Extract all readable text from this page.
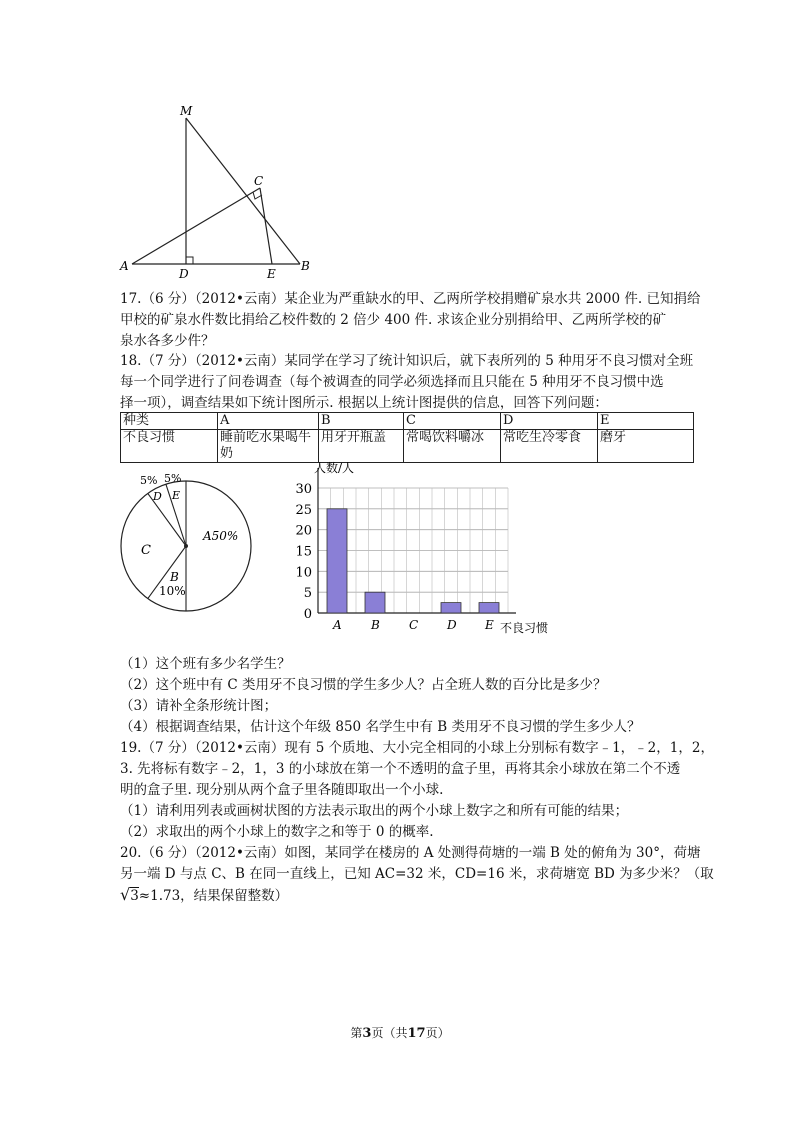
M
C
A
D	E
B
17.（6 分）（2012•云南）某企业为严重缺水的甲、乙两所学校捐赠矿泉水共 2000 件. 已知捐给
甲校的矿泉水件数比捐给乙校件数的 2 倍少 400 件. 求该企业分别捐给甲、乙两所学校的矿
泉水各多少件？
18.（7 分）（2012•云南）某同学在学习了统计知识后，就下表所列的 5 种用牙不良习惯对全班
每一个同学进行了问卷调查（每个被调查的同学必须选择而且只能在 5 种用牙不良习惯中选
择一项），调查结果如下统计图所示. 根据以上统计图提供的信息，回答下列问题：
种类	A	B	C	D	E
不良习惯	睡前吃水果喝牛奶	用牙开瓶盖	常喝饮料嚼冰	常吃生冷零食	磨牙
A50%
C
B
10%
D
5%
E
5%
0
5
10
15
20
25
30
A B C D E
人数/人
不良习惯
（1）这个班有多少名学生？
（2）这个班中有 C 类用牙不良习惯的学生多少人？占全班人数的百分比是多少？
（3）请补全条形统计图；
（4）根据调查结果，估计这个年级 850 名学生中有 B 类用牙不良习惯的学生多少人？
19.（7 分）（2012•云南）现有 5 个质地、大小完全相同的小球上分别标有数字﹣1，﹣2，1，2，
3. 先将标有数字﹣2，1，3 的小球放在第一个不透明的盒子里，再将其余小球放在第二个不透
明的盒子里. 现分别从两个盒子里各随即取出一个小球.
（1）请利用列表或画树状图的方法表示取出的两个小球上数字之和所有可能的结果；
（2）求取出的两个小球上的数字之和等于 0 的概率.
20.（6 分）（2012•云南）如图，某同学在楼房的 A 处测得荷塘的一端 B 处的俯角为 30°，荷塘
另一端 D 与点 C、B 在同一直线上，已知 AC=32 米，CD=16 米，求荷塘宽 BD 为多少米？（取
√3≈1.73，结果保留整数）
第3页（共17页）
